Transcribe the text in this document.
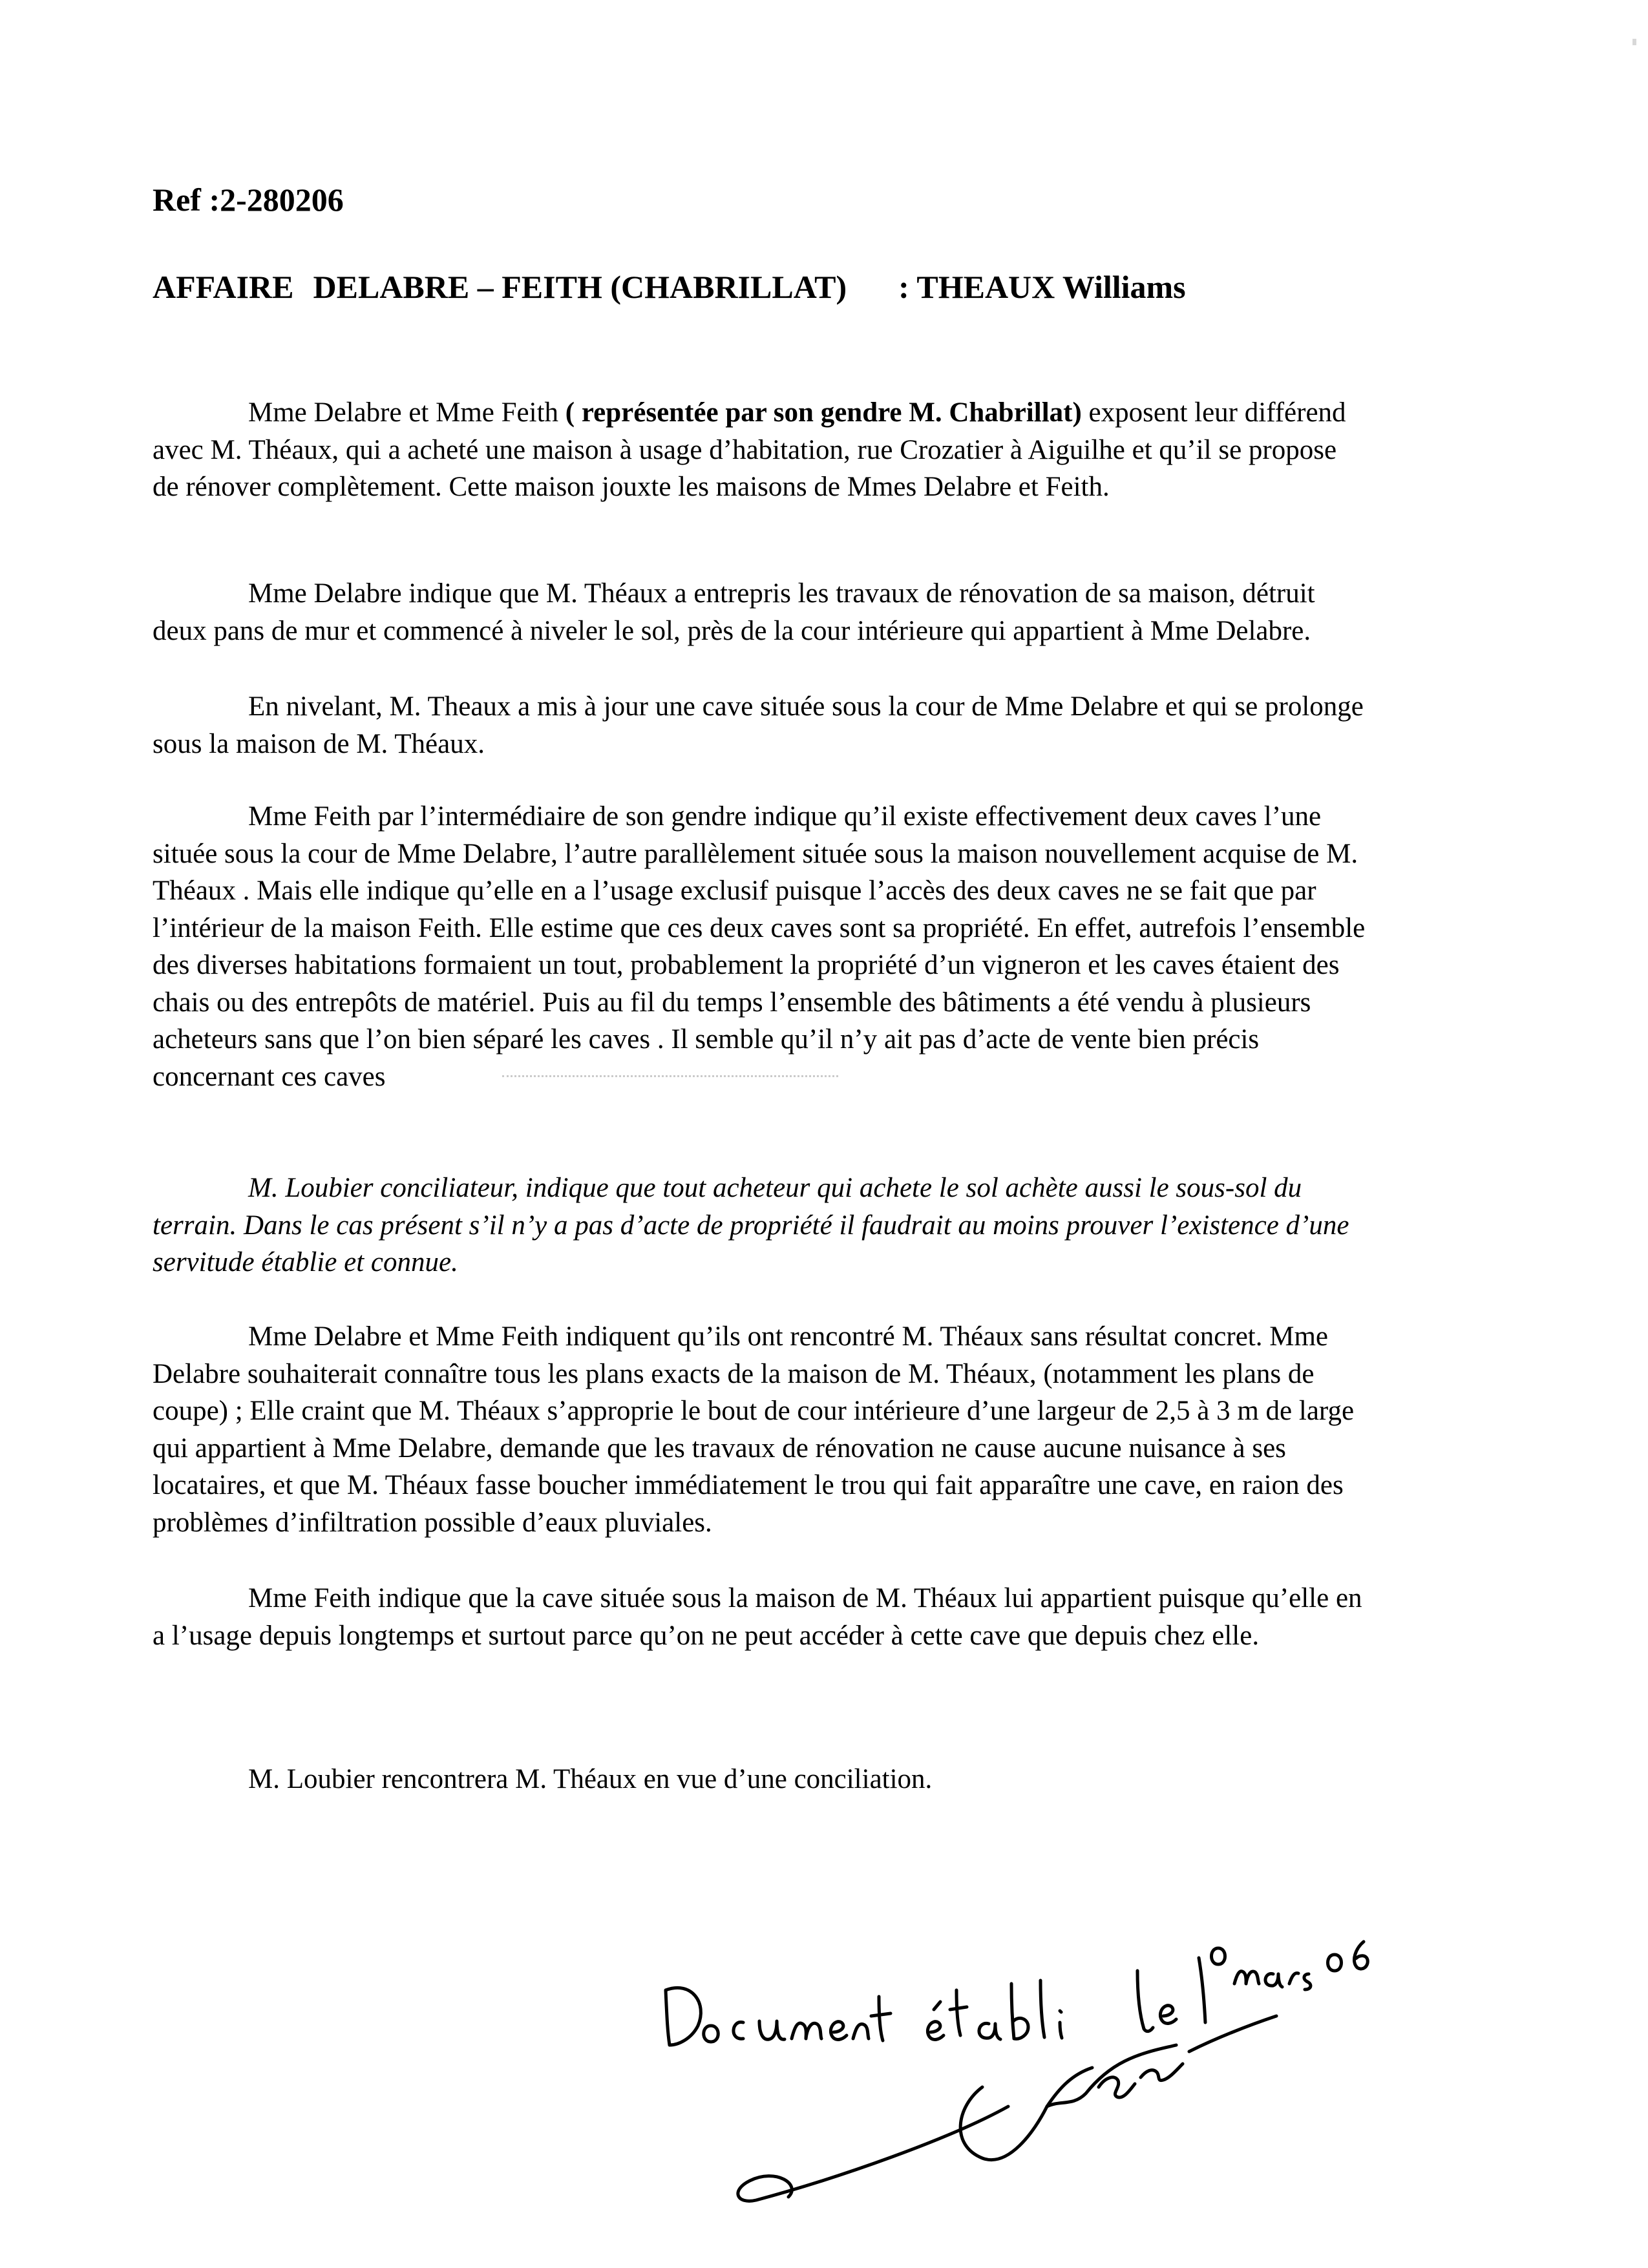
Ref :2-280206

AFFAIRE DELABRE – FEITH (CHABRILLAT) : THEAUX Williams

Mme Delabre et Mme Feith ( représentée par son gendre M. Chabrillat) exposent leur différend avec M. Théaux, qui a acheté une maison à usage d’habitation, rue Crozatier à Aiguilhe et qu’il se propose de rénover complètement. Cette maison jouxte les maisons de Mmes Delabre et Feith.

Mme Delabre indique que M. Théaux a entrepris les travaux de rénovation de sa maison, détruit deux pans de mur et commencé à niveler le sol, près de la cour intérieure qui appartient à Mme Delabre.

En nivelant, M. Theaux a mis à jour une cave située sous la cour de Mme Delabre et qui se prolonge sous la maison de M. Théaux.

Mme Feith par l’intermédiaire de son gendre indique qu’il existe effectivement deux caves l’une située sous la cour de Mme Delabre, l’autre parallèlement située sous la maison nouvellement acquise de M. Théaux . Mais elle indique qu’elle en a l’usage exclusif puisque l’accès des deux caves ne se fait que par l’intérieur de la maison Feith. Elle estime que ces deux caves sont sa propriété. En effet, autrefois l’ensemble des diverses habitations formaient un tout, probablement la propriété d’un vigneron et les caves étaient des chais ou des entrepôts de matériel. Puis au fil du temps l’ensemble des bâtiments a été vendu à plusieurs acheteurs sans que l’on bien séparé les caves . Il semble qu’il n’y ait pas d’acte de vente bien précis concernant ces caves

M. Loubier conciliateur, indique que tout acheteur qui achete le sol achète aussi le sous-sol du terrain. Dans le cas présent s’il n’y a pas d’acte de propriété il faudrait au moins prouver l’existence d’une servitude établie et connue.

Mme Delabre et Mme Feith indiquent qu’ils ont rencontré M. Théaux sans résultat concret. Mme Delabre souhaiterait connaître tous les plans exacts de la maison de M. Théaux, (notamment les plans de coupe) ; Elle craint que M. Théaux s’approprie le bout de cour intérieure d’une largeur de 2,5 à 3 m de large qui appartient à Mme Delabre, demande que les travaux de rénovation ne cause aucune nuisance à ses locataires, et que M. Théaux fasse boucher immédiatement le trou qui fait apparaître une cave, en raion des problèmes d’infiltration possible d’eaux pluviales.

Mme Feith indique que la cave située sous la maison de M. Théaux lui appartient puisque qu’elle en a l’usage depuis longtemps et surtout parce qu’on ne peut accéder à cette cave que depuis chez elle.

M. Loubier rencontrera M. Théaux en vue d’une conciliation.
